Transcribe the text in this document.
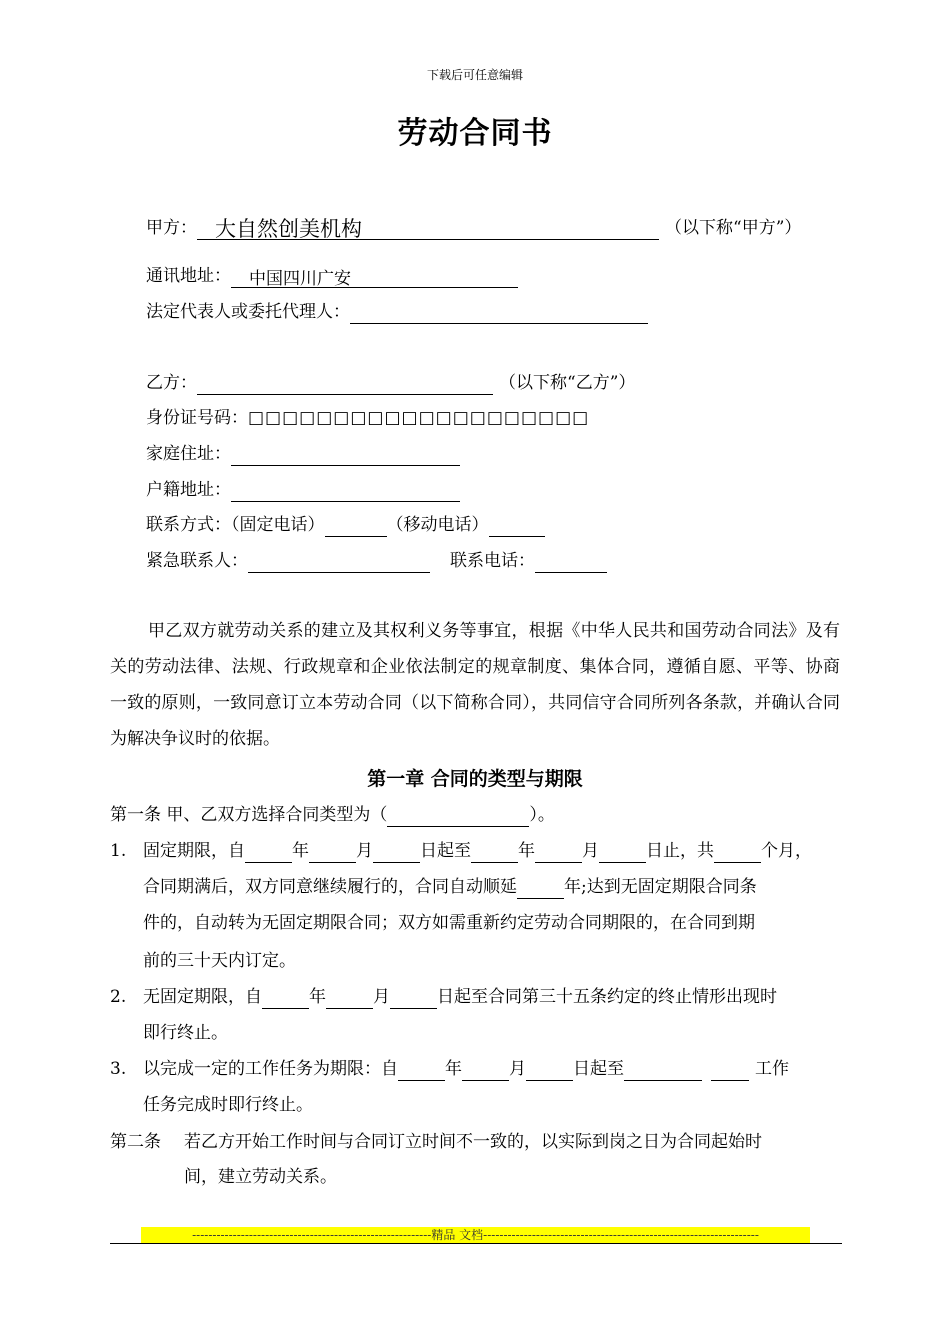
下载后可任意编辑
劳动合同书
甲方： 大自然创美机构	（以下称“甲方”）
通讯地址： 中国四川广安
法定代表人或委托代理人：
乙方：	（以下称“乙方”）
身份证号码：□□□□□□□□□□□□□□□□□□□□
家庭住址：
户籍地址：
联系方式：（固定电话）	（移动电话）
紧急联系人：	联系电话：
甲乙双方就劳动关系的建立及其权利义务等事宜，根据《中华人民共和国劳动合同法》及有关的劳动法律、法规、行政规章和企业依法制定的规章制度、集体合同，遵循自愿、平等、协商一致的原则，一致同意订立本劳动合同（以下简称合同），共同信守合同所列各条款，并确认合同为解决争议时的依据。
第一章 合同的类型与期限
第一条 甲、乙双方选择合同类型为（	）。
1. 固定期限，自	年	月	日起至	年	月	日止，共	个月，
合同期满后，双方同意继续履行的，合同自动顺延	年;达到无固定期限合同条
件的，自动转为无固定期限合同；双方如需重新约定劳动合同期限的，在合同到期
前的三十天内订定。
2. 无固定期限，自	年	月	日起至合同第三十五条约定的终止情形出现时
即行终止。
3. 以完成一定的工作任务为期限：自	年	月	日起至	工作
任务完成时即行终止。
第二条 若乙方开始工作时间与合同订立时间不一致的，以实际到岗之日为合同起始时
间，建立劳动关系。
-----------------------------------------------------------精品 文档--------------------------------------------------------------------
